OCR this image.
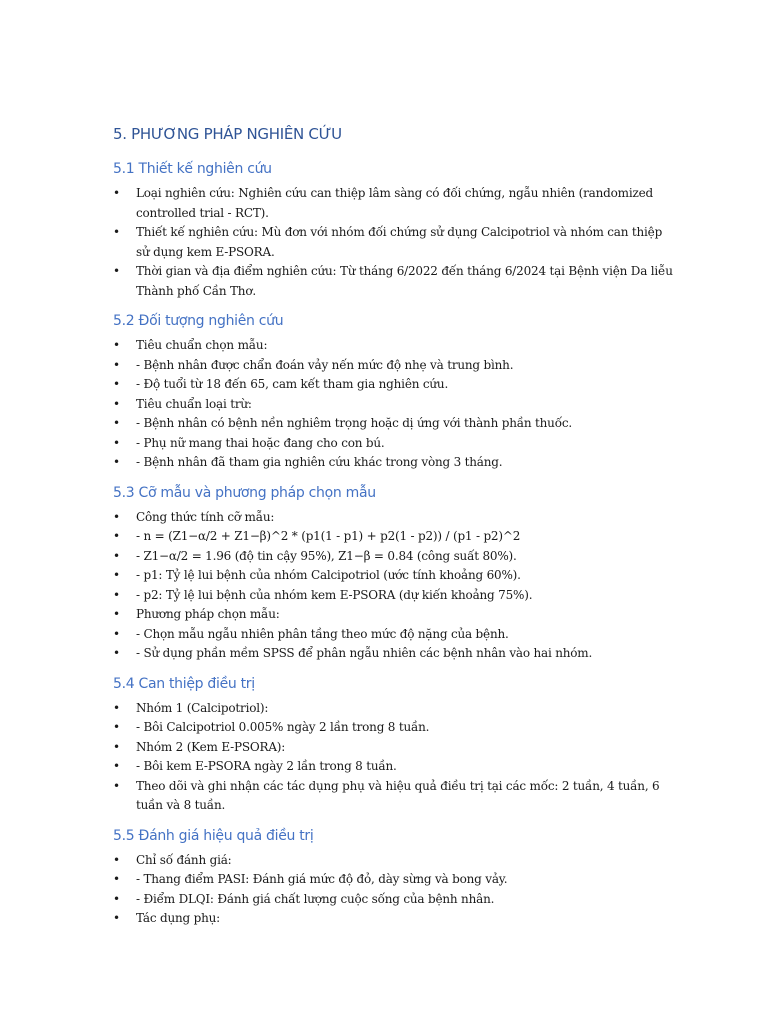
5. PHƯƠNG PHÁP NGHIÊN CỨU
5.1 Thiết kế nghiên cứu
• Loại nghiên cứu: Nghiên cứu can thiệp lâm sàng có đối chứng, ngẫu nhiên (randomized controlled trial - RCT).
• Thiết kế nghiên cứu: Mù đơn với nhóm đối chứng sử dụng Calcipotriol và nhóm can thiệp sử dụng kem E-PSORA.
• Thời gian và địa điểm nghiên cứu: Từ tháng 6/2022 đến tháng 6/2024 tại Bệnh viện Da liễu Thành phố Cần Thơ.
5.2 Đối tượng nghiên cứu
• Tiêu chuẩn chọn mẫu:
• - Bệnh nhân được chẩn đoán vảy nến mức độ nhẹ và trung bình.
• - Độ tuổi từ 18 đến 65, cam kết tham gia nghiên cứu.
• Tiêu chuẩn loại trừ:
• - Bệnh nhân có bệnh nền nghiêm trọng hoặc dị ứng với thành phần thuốc.
• - Phụ nữ mang thai hoặc đang cho con bú.
• - Bệnh nhân đã tham gia nghiên cứu khác trong vòng 3 tháng.
5.3 Cỡ mẫu và phương pháp chọn mẫu
• Công thức tính cỡ mẫu:
• - n = (Z1−α/2 + Z1−β)^2 * (p1(1 - p1) + p2(1 - p2)) / (p1 - p2)^2
• - Z1−α/2 = 1.96 (độ tin cậy 95%), Z1−β = 0.84 (công suất 80%).
• - p1: Tỷ lệ lui bệnh của nhóm Calcipotriol (ước tính khoảng 60%).
• - p2: Tỷ lệ lui bệnh của nhóm kem E-PSORA (dự kiến khoảng 75%).
• Phương pháp chọn mẫu:
• - Chọn mẫu ngẫu nhiên phân tầng theo mức độ nặng của bệnh.
• - Sử dụng phần mềm SPSS để phân ngẫu nhiên các bệnh nhân vào hai nhóm.
5.4 Can thiệp điều trị
• Nhóm 1 (Calcipotriol):
• - Bôi Calcipotriol 0.005% ngày 2 lần trong 8 tuần.
• Nhóm 2 (Kem E-PSORA):
• - Bôi kem E-PSORA ngày 2 lần trong 8 tuần.
• Theo dõi và ghi nhận các tác dụng phụ và hiệu quả điều trị tại các mốc: 2 tuần, 4 tuần, 6 tuần và 8 tuần.
5.5 Đánh giá hiệu quả điều trị
• Chỉ số đánh giá:
• - Thang điểm PASI: Đánh giá mức độ đỏ, dày sừng và bong vảy.
• - Điểm DLQI: Đánh giá chất lượng cuộc sống của bệnh nhân.
• Tác dụng phụ:
